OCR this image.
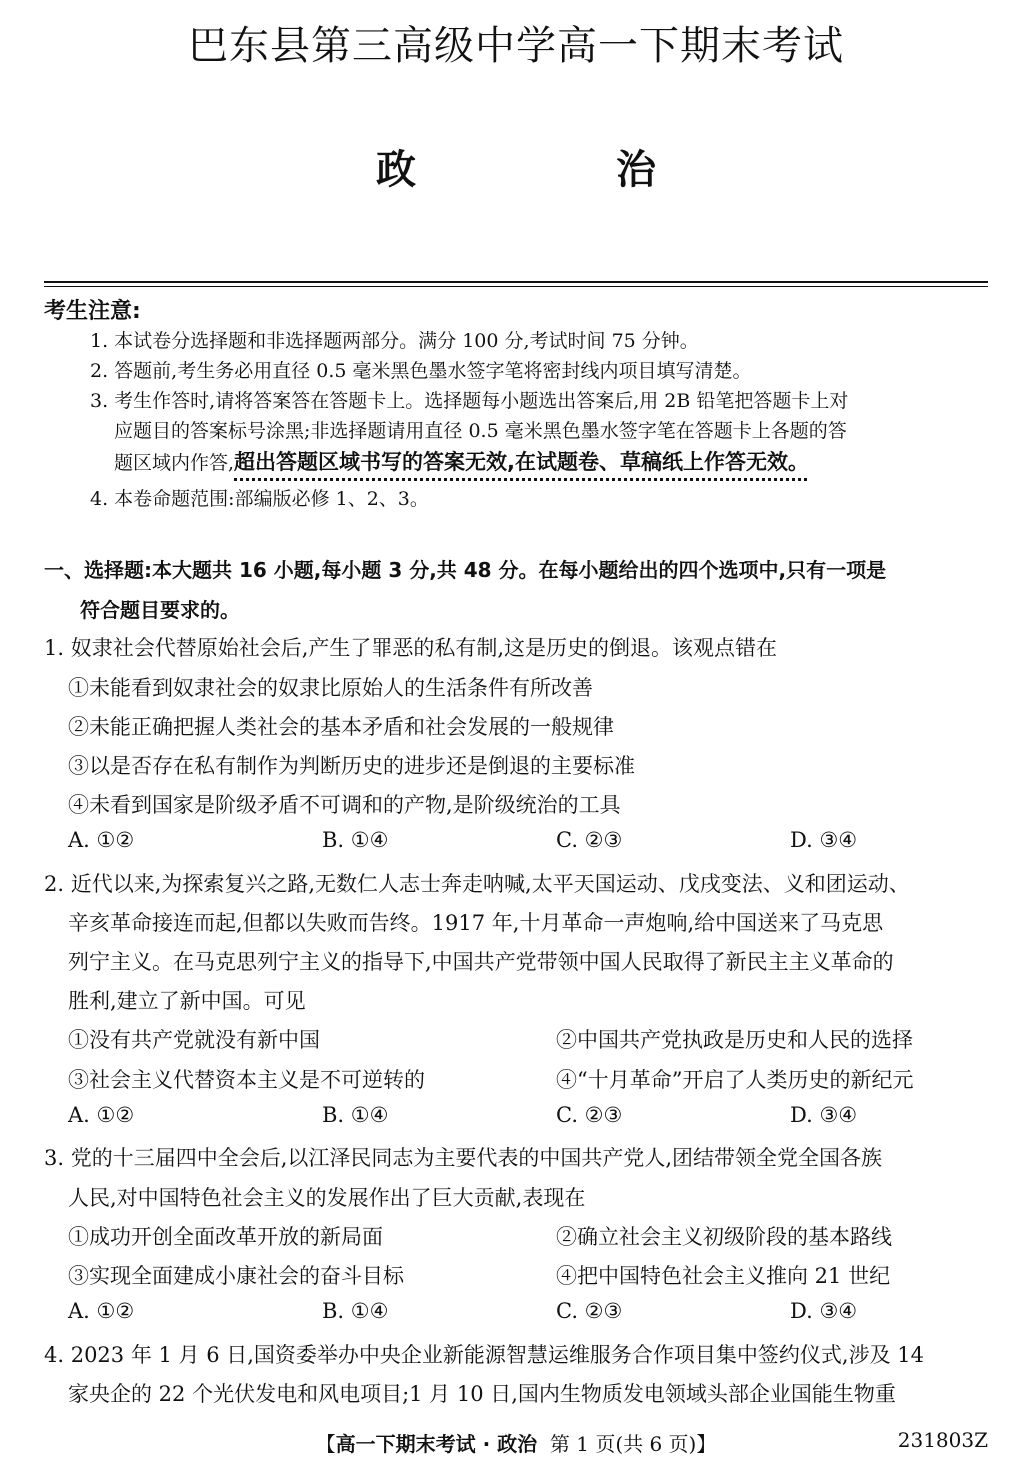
巴东县第三高级中学高一下期末考试
政	治
考生注意:
1. 本试卷分选择题和非选择题两部分。满分 100 分,考试时间 75 分钟。
2. 答题前,考生务必用直径 0.5 毫米黑色墨水签字笔将密封线内项目填写清楚。
3. 考生作答时,请将答案答在答题卡上。选择题每小题选出答案后,用 2B 铅笔把答题卡上对
应题目的答案标号涂黑;非选择题请用直径 0.5 毫米黑色墨水签字笔在答题卡上各题的答
题区域内作答,超出答题区域书写的答案无效,在试题卷、草稿纸上作答无效。
4. 本卷命题范围:部编版必修 1、2、3。
一、选择题:本大题共 16 小题,每小题 3 分,共 48 分。在每小题给出的四个选项中,只有一项是
符合题目要求的。
1. 奴隶社会代替原始社会后,产生了罪恶的私有制,这是历史的倒退。该观点错在
①未能看到奴隶社会的奴隶比原始人的生活条件有所改善
②未能正确把握人类社会的基本矛盾和社会发展的一般规律
③以是否存在私有制作为判断历史的进步还是倒退的主要标准
④未看到国家是阶级矛盾不可调和的产物,是阶级统治的工具
A. ①②	B. ①④	C. ②③	D. ③④
2. 近代以来,为探索复兴之路,无数仁人志士奔走呐喊,太平天国运动、戊戌变法、义和团运动、
辛亥革命接连而起,但都以失败而告终。1917 年,十月革命一声炮响,给中国送来了马克思
列宁主义。在马克思列宁主义的指导下,中国共产党带领中国人民取得了新民主主义革命的
胜利,建立了新中国。可见
①没有共产党就没有新中国	②中国共产党执政是历史和人民的选择
③社会主义代替资本主义是不可逆转的	④“十月革命”开启了人类历史的新纪元
A. ①②	B. ①④	C. ②③	D. ③④
3. 党的十三届四中全会后,以江泽民同志为主要代表的中国共产党人,团结带领全党全国各族
人民,对中国特色社会主义的发展作出了巨大贡献,表现在
①成功开创全面改革开放的新局面	②确立社会主义初级阶段的基本路线
③实现全面建成小康社会的奋斗目标	④把中国特色社会主义推向 21 世纪
A. ①②	B. ①④	C. ②③	D. ③④
4. 2023 年 1 月 6 日,国资委举办中央企业新能源智慧运维服务合作项目集中签约仪式,涉及 14
家央企的 22 个光伏发电和风电项目;1 月 10 日,国内生物质发电领域头部企业国能生物重
【高一下期末考试 · 政治 第 1 页(共 6 页)】	231803Z
